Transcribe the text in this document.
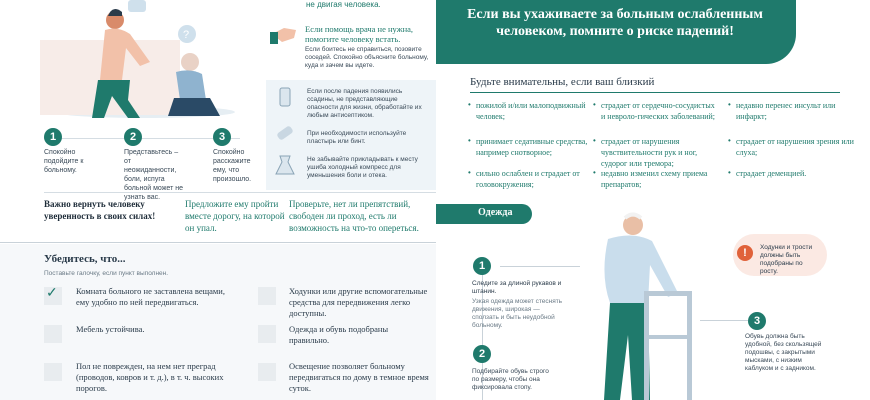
?
не двигая человека.
Если помощь врача не нужна, помогите человеку встать.
Если боитесь не справиться, позовите соседей. Спокойно объясните больному, куда и зачем вы идете.
Если после падения появились ссадины, не представляющие опасности для жизни, обработайте их любым антисептиком.
При необходимости используйте пластырь или бинт.
Не забывайте прикладывать к месту ушиба холодный компресс для уменьшения боли и отека.
1
Спокойно подойдите к больному.
2
Представьтесь – от неожиданности, боли, испуга больной может не узнать вас.
3
Спокойно расскажите ему, что произошло.
Важно вернуть человеку уверенность в своих силах!
Предложите ему пройти вместе дорогу, на которой он упал.
Проверьте, нет ли препятствий, свободен ли проход, есть ли возможность на что-то опереться.
Убедитесь, что...
Поставьте галочку, если пункт выполнен.
✓ Комната больного не заставлена вещами, ему удобно по ней передвигаться.
Мебель устойчива.
Пол не поврежден, на нем нет преград (проводов, ковров и т. д.), в т. ч. высоких порогов.
Ходунки или другие вспомогательные средства для передвижения легко доступны.
Одежда и обувь подобраны правильно.
Освещение позволяет больному передвигаться по дому в темное время суток.
Если вы ухаживаете за больным ослабленным человеком, помните о риске падений!
Будьте внимательны, если ваш близкий
• пожилой и/или малоподвижный человек;
• принимает седативные средства, например снотворное;
• сильно ослаблен и страдает от головокружения;
• страдает от сердечно-сосудистых и невроло-гических заболеваний;
• страдает от нарушения чувствительности рук и ног, судорог или тремора;
• недавно изменил схему приема препаратов;
• недавно перенес инсульт или инфаркт;
• страдает от нарушения зрения или слуха;
• страдает деменцией.
Одежда
1
Следите за длиной рукавов и штанин.
Узкая одежда может стеснять движения, широкая — сползать и быть неудобной больному.
2
Подбирайте обувь строго по размеру, чтобы она фиксировала стопу.
!	Ходунки и трости должны быть подобраны по росту.
3
Обувь должна быть удобной, без скользящей подошвы, с закрытыми мысками, с низким каблуком и с задником.
